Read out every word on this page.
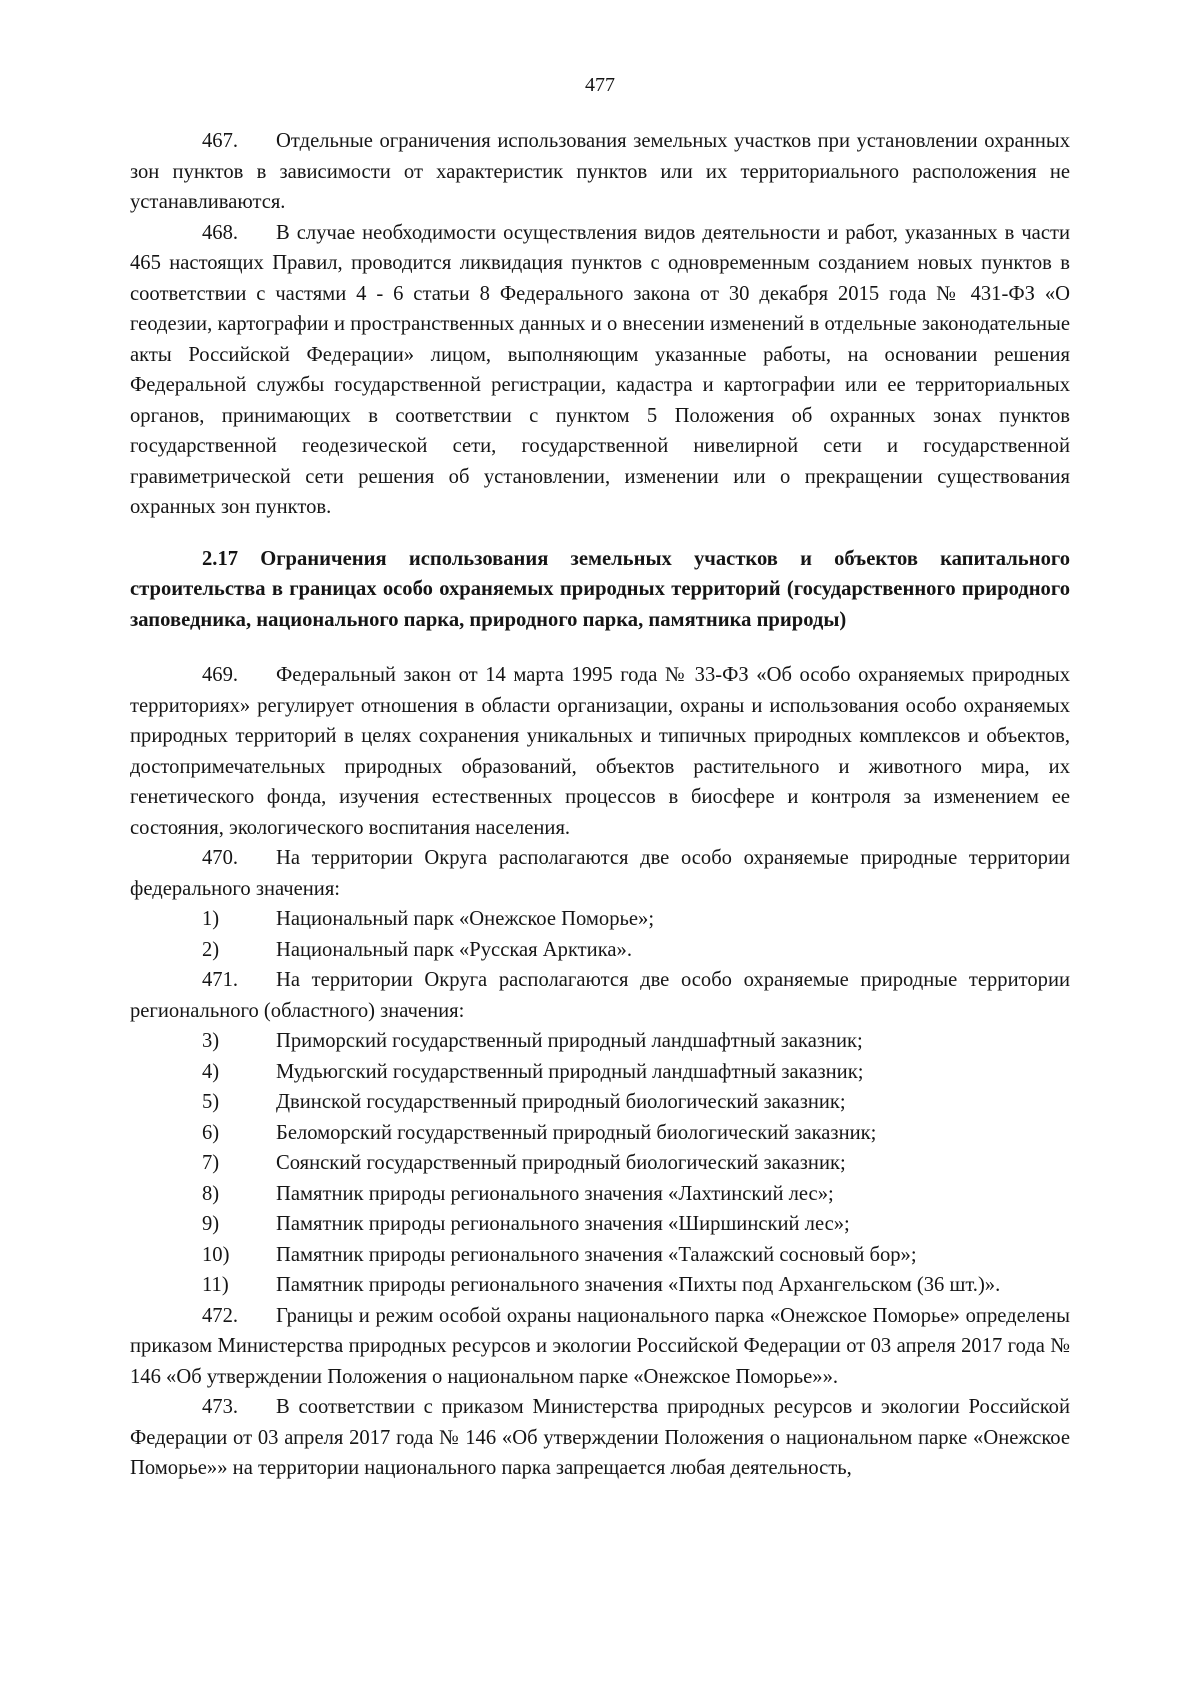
477

467. Отдельные ограничения использования земельных участков при установлении охранных зон пунктов в зависимости от характеристик пунктов или их территориального расположения не устанавливаются.

468. В случае необходимости осуществления видов деятельности и работ, указанных в части 465 настоящих Правил, проводится ликвидация пунктов с одновременным созданием новых пунктов в соответствии с частями 4 - 6 статьи 8 Федерального закона от 30 декабря 2015 года № 431-ФЗ «О геодезии, картографии и пространственных данных и о внесении изменений в отдельные законодательные акты Российской Федерации» лицом, выполняющим указанные работы, на основании решения Федеральной службы государственной регистрации, кадастра и картографии или ее территориальных органов, принимающих в соответствии с пунктом 5 Положения об охранных зонах пунктов государственной геодезической сети, государственной нивелирной сети и государственной гравиметрической сети решения об установлении, изменении или о прекращении существования охранных зон пунктов.

2.17 Ограничения использования земельных участков и объектов капитального строительства в границах особо охраняемых природных территорий (государственного природного заповедника, национального парка, природного парка, памятника природы)

469. Федеральный закон от 14 марта 1995 года № 33-ФЗ «Об особо охраняемых природных территориях» регулирует отношения в области организации, охраны и использования особо охраняемых природных территорий в целях сохранения уникальных и типичных природных комплексов и объектов, достопримечательных природных образований, объектов растительного и животного мира, их генетического фонда, изучения естественных процессов в биосфере и контроля за изменением ее состояния, экологического воспитания населения.

470. На территории Округа располагаются две особо охраняемые природные территории федерального значения:

1)	Национальный парк «Онежское Поморье»;
2)	Национальный парк «Русская Арктика».

471. На территории Округа располагаются две особо охраняемые природные территории регионального (областного) значения:

3)	Приморский государственный природный ландшафтный заказник;
4)	Мудьюгский государственный природный ландшафтный заказник;
5)	Двинской государственный природный биологический заказник;
6)	Беломорский государственный природный биологический заказник;
7)	Соянский государственный природный биологический заказник;
8)	Памятник природы регионального значения «Лахтинский лес»;
9)	Памятник природы регионального значения «Ширшинский лес»;
10)	Памятник природы регионального значения «Талажский сосновый бор»;
11)	Памятник природы регионального значения «Пихты под Архангельском (36 шт.)».

472. Границы и режим особой охраны национального парка «Онежское Поморье» определены приказом Министерства природных ресурсов и экологии Российской Федерации от 03 апреля 2017 года № 146 «Об утверждении Положения о национальном парке «Онежское Поморье»».

473. В соответствии с приказом Министерства природных ресурсов и экологии Российской Федерации от 03 апреля 2017 года № 146 «Об утверждении Положения о национальном парке «Онежское Поморье»» на территории национального парка запрещается любая деятельность,
